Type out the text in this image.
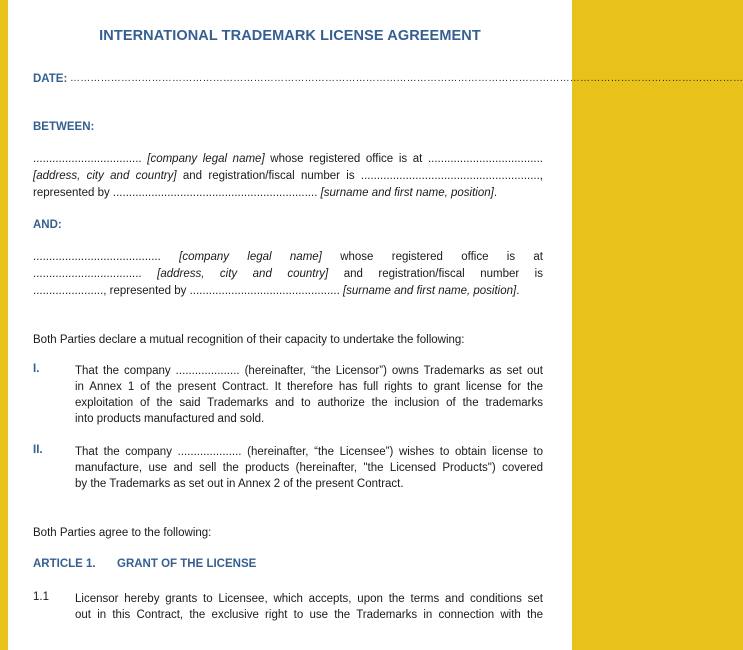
INTERNATIONAL TRADEMARK LICENSE AGREEMENT
DATE: ………………………………………………………………………………………………………………………………………………………………………………
BETWEEN:
.................................. [company legal name] whose registered office is at ....................................
[address, city and country] and registration/fiscal number is ........................................................,
represented by ................................................................ [surname and first name, position].
AND:
........................................ [company legal name] whose registered office is at
.................................. [address, city and country] and registration/fiscal number is
......................, represented by ............................................... [surname and first name, position].
Both Parties declare a mutual recognition of their capacity to undertake the following:
I.	That the company .................... (hereinafter, “the Licensor”) owns Trademarks as set out
in Annex 1 of the present Contract. It therefore has full rights to grant license for the
exploitation of the said Trademarks and to authorize the inclusion of the trademarks
into products manufactured and sold.
II.	That the company .................... (hereinafter, “the Licensee”) wishes to obtain license to
manufacture, use and sell the products (hereinafter, "the Licensed Products") covered
by the Trademarks as set out in Annex 2 of the present Contract.
Both Parties agree to the following:
ARTICLE 1. GRANT OF THE LICENSE
1.1 Licensor hereby grants to Licensee, which accepts, upon the terms and conditions set
out in this Contract, the exclusive right to use the Trademarks in connection with the
